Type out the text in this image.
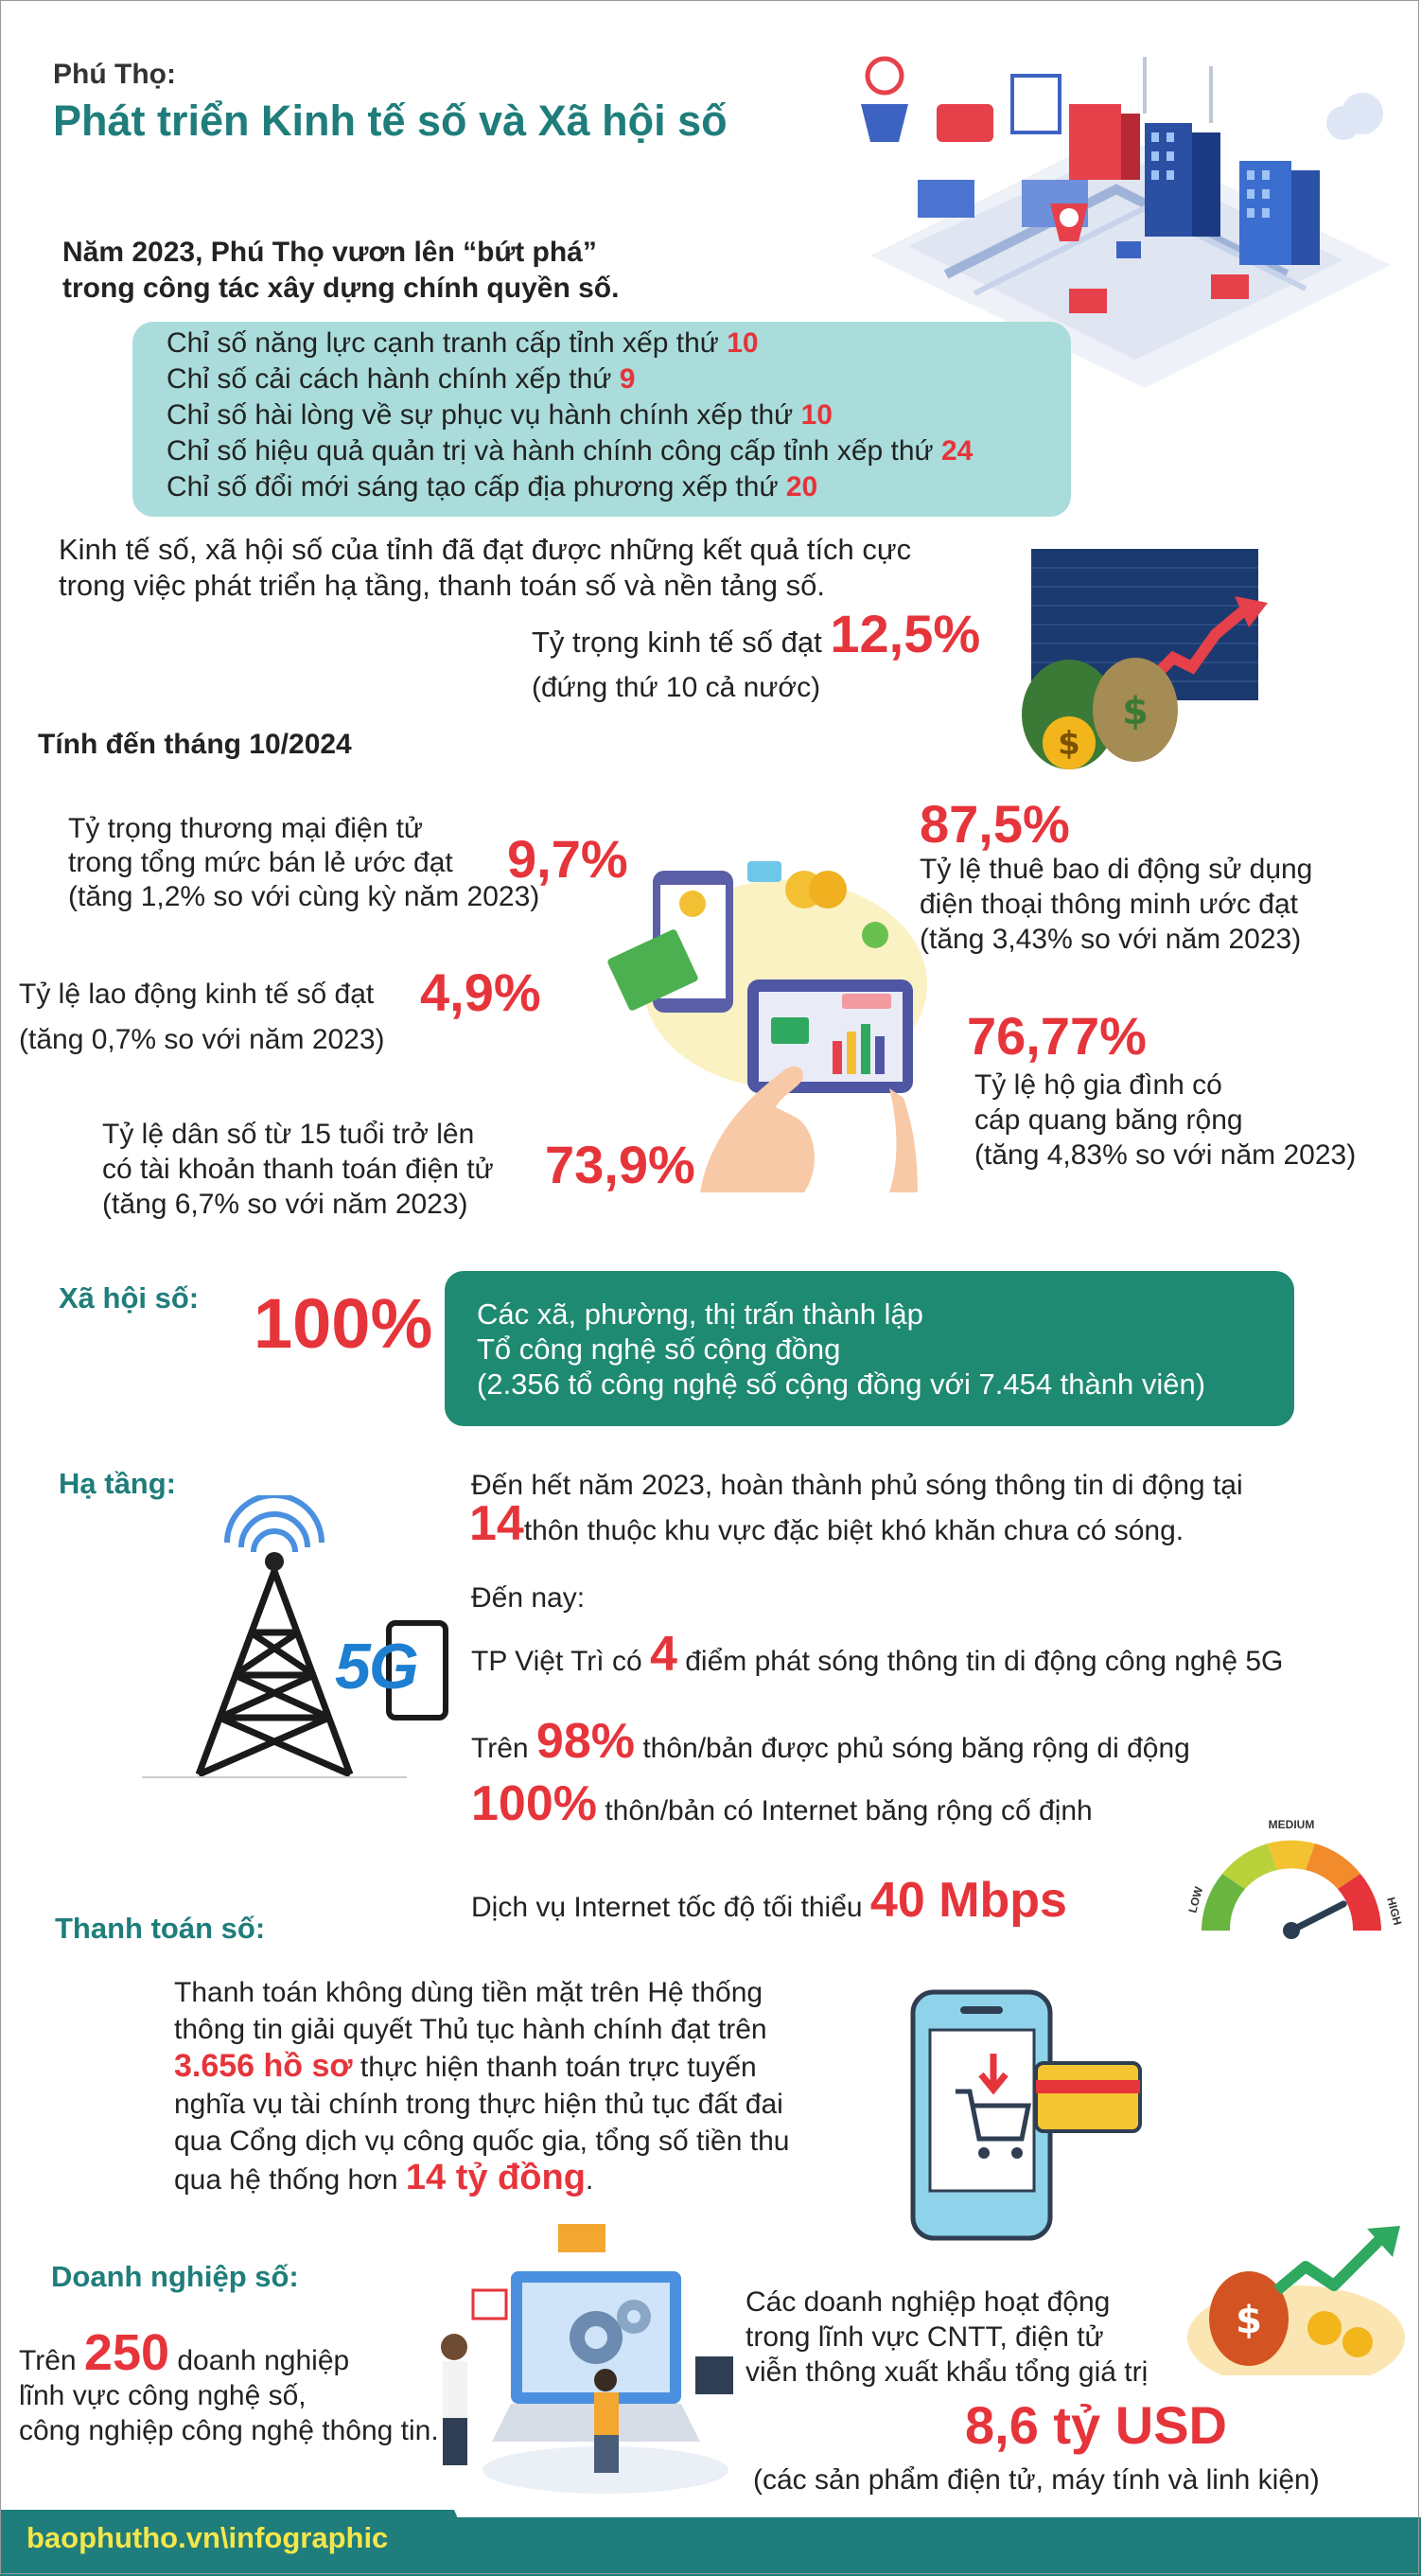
Phú Thọ:
Phát triển Kinh tế số và Xã hội số
Năm 2023, Phú Thọ vươn lên “bứt phá”
trong công tác xây dựng chính quyền số.
Chỉ số năng lực cạnh tranh cấp tỉnh xếp thứ 10
Chỉ số cải cách hành chính xếp thứ 9
Chỉ số hài lòng về sự phục vụ hành chính xếp thứ 10
Chỉ số hiệu quả quản trị và hành chính công cấp tỉnh xếp thứ 24
Chỉ số đổi mới sáng tạo cấp địa phương xếp thứ 20
Kinh tế số, xã hội số của tỉnh đã đạt được những kết quả tích cực
trong việc phát triển hạ tầng, thanh toán số và nền tảng số.
Tỷ trọng kinh tế số đạt 12,5%
(đứng thứ 10 cả nước)
$
$
Tính đến tháng 10/2024
Tỷ trọng thương mại điện tử
trong tổng mức bán lẻ ước đạt
(tăng 1,2% so với cùng kỳ năm 2023)
9,7%
Tỷ lệ lao động kinh tế số đạt 4,9%
(tăng 0,7% so với năm 2023)
Tỷ lệ dân số từ 15 tuổi trở lên
có tài khoản thanh toán điện tử
(tăng 6,7% so với năm 2023)
73,9%
87,5%
Tỷ lệ thuê bao di động sử dụng
điện thoại thông minh ước đạt
(tăng 3,43% so với năm 2023)
76,77%
Tỷ lệ hộ gia đình có
cáp quang băng rộng
(tăng 4,83% so với năm 2023)
Xã hội số: 100% Các xã, phường, thị trấn thành lập
Tổ công nghệ số cộng đồng
(2.356 tổ công nghệ số cộng đồng với 7.454 thành viên)
Hạ tầng:
5G
Đến hết năm 2023, hoàn thành phủ sóng thông tin di động tại
14thôn thuộc khu vực đặc biệt khó khăn chưa có sóng.
Đến nay:
TP Việt Trì có 4 điểm phát sóng thông tin di động công nghệ 5G
Trên 98% thôn/bản được phủ sóng băng rộng di động
100% thôn/bản có Internet băng rộng cố định
Dịch vụ Internet tốc độ tối thiểu 40 Mbps	LOW
MEDIUM
HIGH
Thanh toán số:
Thanh toán không dùng tiền mặt trên Hệ thống
thông tin giải quyết Thủ tục hành chính đạt trên
3.656 hồ sơ thực hiện thanh toán trực tuyến
nghĩa vụ tài chính trong thực hiện thủ tục đất đai
qua Cổng dịch vụ công quốc gia, tổng số tiền thu
qua hệ thống hơn 14 tỷ đồng.
Doanh nghiệp số:
Trên 250 doanh nghiệp
lĩnh vực công nghệ số,
công nghiệp công nghệ thông tin.
Các doanh nghiệp hoạt động
trong lĩnh vực CNTT, điện tử
viễn thông xuất khẩu tổng giá trị
8,6 tỷ USD
(các sản phẩm điện tử, máy tính và linh kiện)
$
baophutho.vn\infographic
